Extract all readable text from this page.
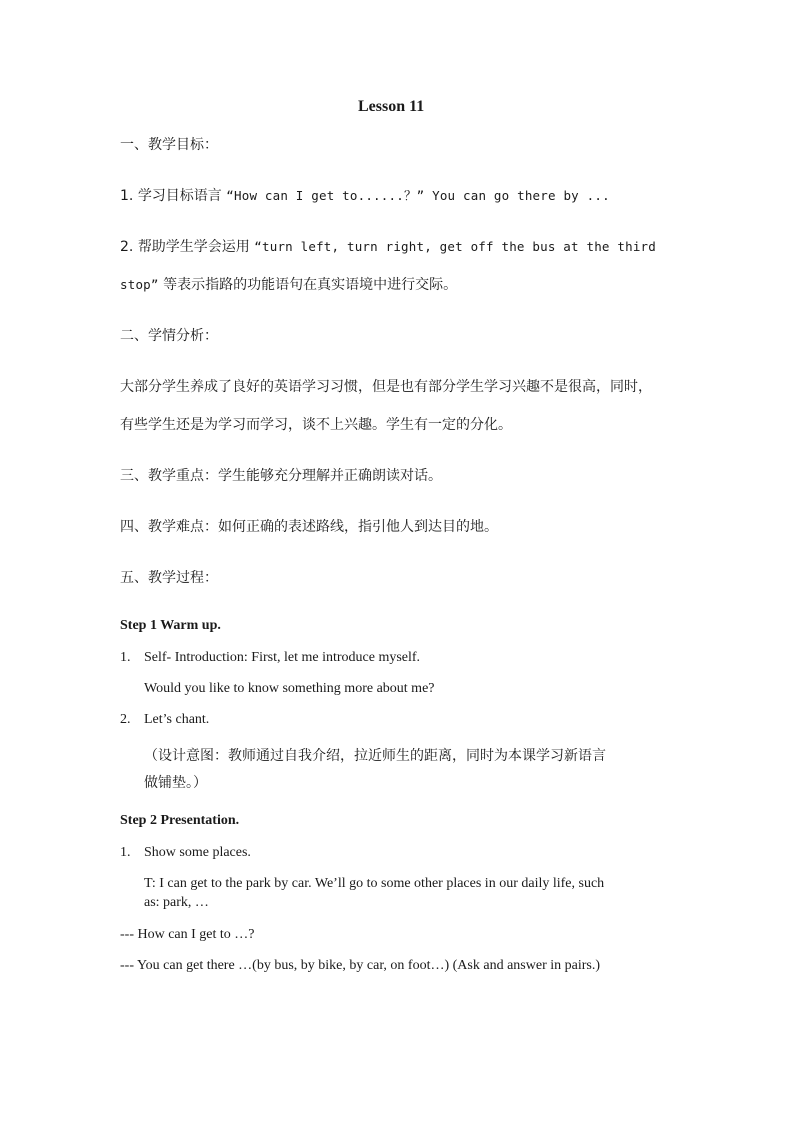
Lesson 11
一、教学目标：
1. 学习目标语言 “How can I get to......？” You can go there by ...
2. 帮助学生学会运用 “turn left, turn right, get off the bus at the third
stop” 等表示指路的功能语句在真实语境中进行交际。
二、学情分析：
大部分学生养成了良好的英语学习习惯，但是也有部分学生学习兴趣不是很高，同时，
有些学生还是为学习而学习，谈不上兴趣。学生有一定的分化。
三、教学重点：学生能够充分理解并正确朗读对话。
四、教学难点：如何正确的表述路线，指引他人到达目的地。
五、教学过程：
Step 1 Warm up.
1. Self- Introduction: First, let me introduce myself.
Would you like to know something more about me?
2. Let’s chant.
（设计意图：教师通过自我介绍，拉近师生的距离，同时为本课学习新语言
做铺垫。）
Step 2 Presentation.
1. Show some places.
T: I can get to the park by car. We’ll go to some other places in our daily life, such
as: park, …
--- How can I get to …?
--- You can get there …(by bus, by bike, by car, on foot…) (Ask and answer in pairs.)
